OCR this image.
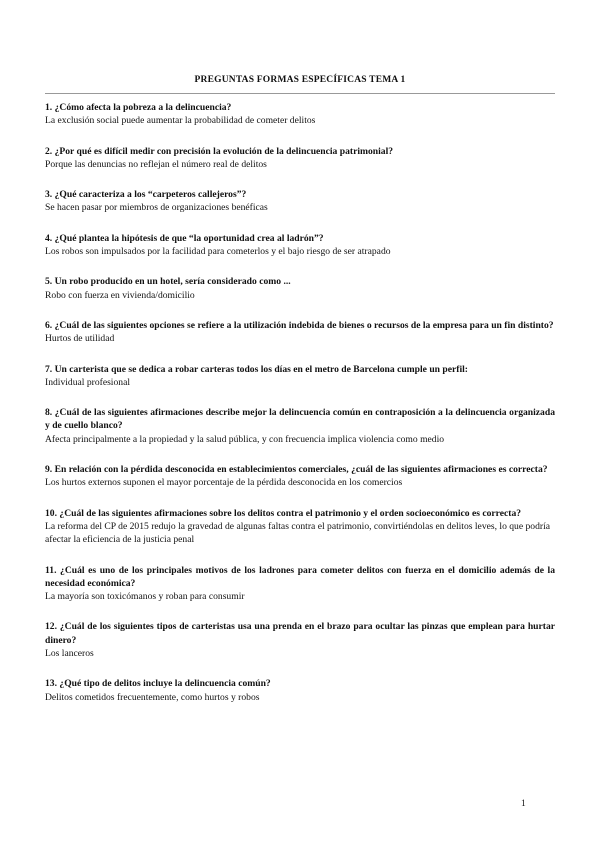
PREGUNTAS FORMAS ESPECÍFICAS TEMA 1

1. ¿Cómo afecta la pobreza a la delincuencia?

La exclusión social puede aumentar la probabilidad de cometer delitos

2. ¿Por qué es difícil medir con precisión la evolución de la delincuencia patrimonial?

Porque las denuncias no reflejan el número real de delitos

3. ¿Qué caracteriza a los “carpeteros callejeros”?

Se hacen pasar por miembros de organizaciones benéficas

4. ¿Qué plantea la hipótesis de que “la oportunidad crea al ladrón”?

Los robos son impulsados por la facilidad para cometerlos y el bajo riesgo de ser atrapado

5. Un robo producido en un hotel, sería considerado como ...

Robo con fuerza en vivienda/domicilio

6. ¿Cuál de las siguientes opciones se refiere a la utilización indebida de bienes o recursos de la empresa para un fin distinto?

Hurtos de utilidad

7. Un carterista que se dedica a robar carteras todos los días en el metro de Barcelona cumple un perfil:

Individual profesional

8. ¿Cuál de las siguientes afirmaciones describe mejor la delincuencia común en contraposición a la delincuencia organizada y de cuello blanco?

Afecta principalmente a la propiedad y la salud pública, y con frecuencia implica violencia como medio

9. En relación con la pérdida desconocida en establecimientos comerciales, ¿cuál de las siguientes afirmaciones es correcta?

Los hurtos externos suponen el mayor porcentaje de la pérdida desconocida en los comercios

10. ¿Cuál de las siguientes afirmaciones sobre los delitos contra el patrimonio y el orden socioeconómico es correcta?

La reforma del CP de 2015 redujo la gravedad de algunas faltas contra el patrimonio, convirtiéndolas en delitos leves, lo que podría afectar la eficiencia de la justicia penal

11. ¿Cuál es uno de los principales motivos de los ladrones para cometer delitos con fuerza en el domicilio además de la necesidad económica?

La mayoría son toxicómanos y roban para consumir

12. ¿Cuál de los siguientes tipos de carteristas usa una prenda en el brazo para ocultar las pinzas que emplean para hurtar dinero?

Los lanceros

13. ¿Qué tipo de delitos incluye la delincuencia común?

Delitos cometidos frecuentemente, como hurtos y robos

1
